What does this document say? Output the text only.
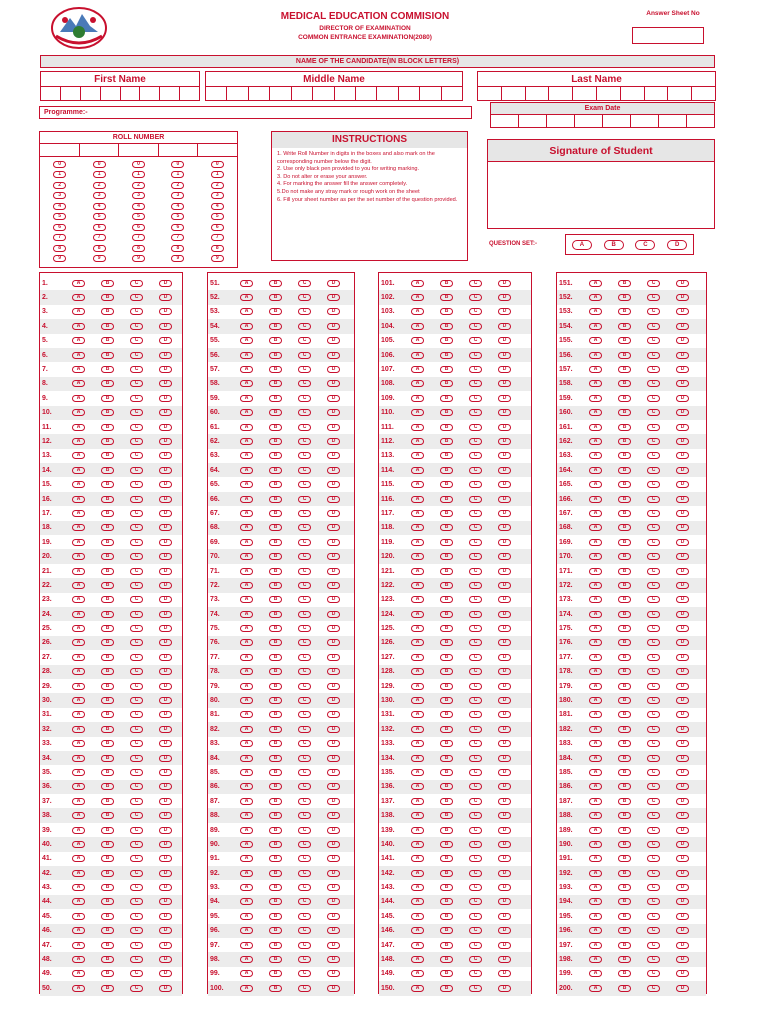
MEDICAL EDUCATION COMMISION
DIRECTOR OF EXAMINATION
COMMON ENTRANCE EXAMINATION(2080)
Answer Sheet No
NAME OF THE CANDIDATE(IN BLOCK LETTERS)
First Name	Middle Name	Last Name
Programme:-
Exam Date
ROLL NUMBER
0	0	0	0	0
1	1	1	1	1
2	2	2	2	2
3	3	3	3	3
4	4	4	4	4
5	5	5	5	5
6	6	6	6	6
7	7	7	7	7
8	8	8	8	8
9	9	9	9	9
INSTRUCTIONS
1. Write Roll Number in digits in the boxes and also mark on the corresponding number below the digit.
2. Use only black pen provided to you for writing marking.
3. Do not alter or erase your answer.
4. For marking the answer fill the answer completely.
5.Do not make any stray mark or rough work on the sheet
6. Fill your sheet number as per the set number of the question provided.
Signature of Student
QUESTION SET:-	A	B	C	D
1.	A	B	C	D
2.	A	B	C	D
3.	A	B	C	D
4.	A	B	C	D
5.	A	B	C	D
6.	A	B	C	D
7.	A	B	C	D
8.	A	B	C	D
9.	A	B	C	D
10.	A	B	C	D
11.	A	B	C	D
12.	A	B	C	D
13.	A	B	C	D
14.	A	B	C	D
15.	A	B	C	D
16.	A	B	C	D
17.	A	B	C	D
18.	A	B	C	D
19.	A	B	C	D
20.	A	B	C	D
21.	A	B	C	D
22.	A	B	C	D
23.	A	B	C	D
24.	A	B	C	D
25.	A	B	C	D
26.	A	B	C	D
27.	A	B	C	D
28.	A	B	C	D
29.	A	B	C	D
30.	A	B	C	D
31.	A	B	C	D
32.	A	B	C	D
33.	A	B	C	D
34.	A	B	C	D
35.	A	B	C	D
36.	A	B	C	D
37.	A	B	C	D
38.	A	B	C	D
39.	A	B	C	D
40.	A	B	C	D
41.	A	B	C	D
42.	A	B	C	D
43.	A	B	C	D
44.	A	B	C	D
45.	A	B	C	D
46.	A	B	C	D
47.	A	B	C	D
48.	A	B	C	D
49.	A	B	C	D
50.	A	B	C	D
51.	A	B	C	D
52.	A	B	C	D
53.	A	B	C	D
54.	A	B	C	D
55.	A	B	C	D
56.	A	B	C	D
57.	A	B	C	D
58.	A	B	C	D
59.	A	B	C	D
60.	A	B	C	D
61.	A	B	C	D
62.	A	B	C	D
63.	A	B	C	D
64.	A	B	C	D
65.	A	B	C	D
66.	A	B	C	D
67.	A	B	C	D
68.	A	B	C	D
69.	A	B	C	D
70.	A	B	C	D
71.	A	B	C	D
72.	A	B	C	D
73.	A	B	C	D
74.	A	B	C	D
75.	A	B	C	D
76.	A	B	C	D
77.	A	B	C	D
78.	A	B	C	D
79.	A	B	C	D
80.	A	B	C	D
81.	A	B	C	D
82.	A	B	C	D
83.	A	B	C	D
84.	A	B	C	D
85.	A	B	C	D
86.	A	B	C	D
87.	A	B	C	D
88.	A	B	C	D
89.	A	B	C	D
90.	A	B	C	D
91.	A	B	C	D
92.	A	B	C	D
93.	A	B	C	D
94.	A	B	C	D
95.	A	B	C	D
96.	A	B	C	D
97.	A	B	C	D
98.	A	B	C	D
99.	A	B	C	D
100.	A	B	C	D
101.	A	B	C	D
102.	A	B	C	D
103.	A	B	C	D
104.	A	B	C	D
105.	A	B	C	D
106.	A	B	C	D
107.	A	B	C	D
108.	A	B	C	D
109.	A	B	C	D
110.	A	B	C	D
111.	A	B	C	D
112.	A	B	C	D
113.	A	B	C	D
114.	A	B	C	D
115.	A	B	C	D
116.	A	B	C	D
117.	A	B	C	D
118.	A	B	C	D
119.	A	B	C	D
120.	A	B	C	D
121.	A	B	C	D
122.	A	B	C	D
123.	A	B	C	D
124.	A	B	C	D
125.	A	B	C	D
126.	A	B	C	D
127.	A	B	C	D
128.	A	B	C	D
129.	A	B	C	D
130.	A	B	C	D
131.	A	B	C	D
132.	A	B	C	D
133.	A	B	C	D
134.	A	B	C	D
135.	A	B	C	D
136.	A	B	C	D
137.	A	B	C	D
138.	A	B	C	D
139.	A	B	C	D
140.	A	B	C	D
141.	A	B	C	D
142.	A	B	C	D
143.	A	B	C	D
144.	A	B	C	D
145.	A	B	C	D
146.	A	B	C	D
147.	A	B	C	D
148.	A	B	C	D
149.	A	B	C	D
150.	A	B	C	D
151.	A	B	C	D
152.	A	B	C	D
153.	A	B	C	D
154.	A	B	C	D
155.	A	B	C	D
156.	A	B	C	D
157.	A	B	C	D
158.	A	B	C	D
159.	A	B	C	D
160.	A	B	C	D
161.	A	B	C	D
162.	A	B	C	D
163.	A	B	C	D
164.	A	B	C	D
165.	A	B	C	D
166.	A	B	C	D
167.	A	B	C	D
168.	A	B	C	D
169.	A	B	C	D
170.	A	B	C	D
171.	A	B	C	D
172.	A	B	C	D
173.	A	B	C	D
174.	A	B	C	D
175.	A	B	C	D
176.	A	B	C	D
177.	A	B	C	D
178.	A	B	C	D
179.	A	B	C	D
180.	A	B	C	D
181.	A	B	C	D
182.	A	B	C	D
183.	A	B	C	D
184.	A	B	C	D
185.	A	B	C	D
186.	A	B	C	D
187.	A	B	C	D
188.	A	B	C	D
189.	A	B	C	D
190.	A	B	C	D
191.	A	B	C	D
192.	A	B	C	D
193.	A	B	C	D
194.	A	B	C	D
195.	A	B	C	D
196.	A	B	C	D
197.	A	B	C	D
198.	A	B	C	D
199.	A	B	C	D
200.	A	B	C	D
